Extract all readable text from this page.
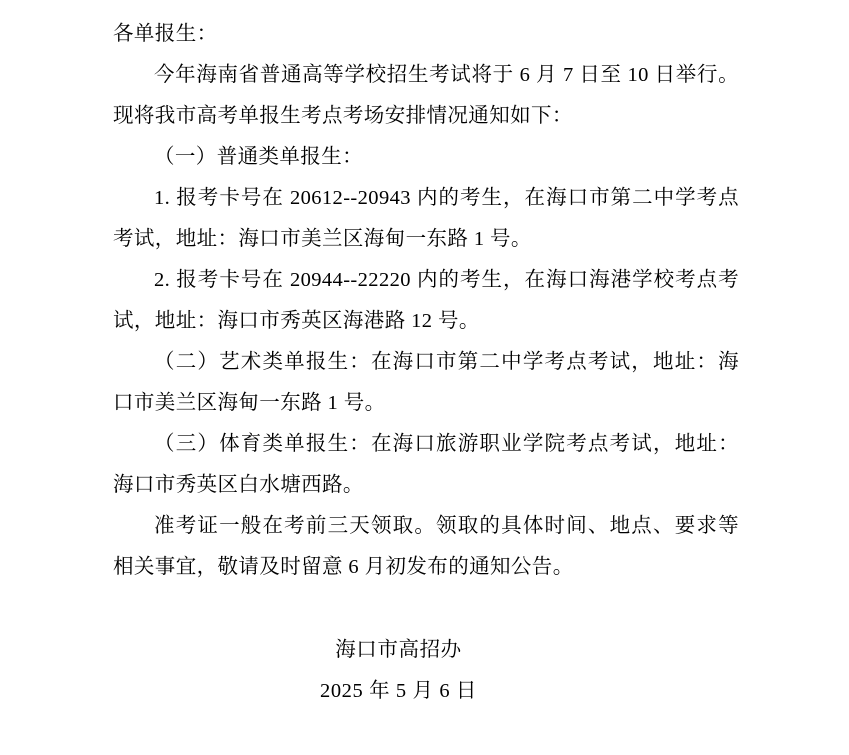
各单报生：

今年海南省普通高等学校招生考试将于 6 月 7 日至 10 日举行。现将我市高考单报生考点考场安排情况通知如下：

（一）普通类单报生：

1. 报考卡号在 20612--20943 内的考生，在海口市第二中学考点考试，地址：海口市美兰区海甸一东路 1 号。

2. 报考卡号在 20944--22220 内的考生，在海口海港学校考点考试，地址：海口市秀英区海港路 12 号。

（二）艺术类单报生：在海口市第二中学考点考试，地址：海口市美兰区海甸一东路 1 号。

（三）体育类单报生：在海口旅游职业学院考点考试，地址：海口市秀英区白水塘西路。

准考证一般在考前三天领取。领取的具体时间、地点、要求等相关事宜，敬请及时留意 6 月初发布的通知公告。

海口市高招办
2025 年 5 月 6 日
